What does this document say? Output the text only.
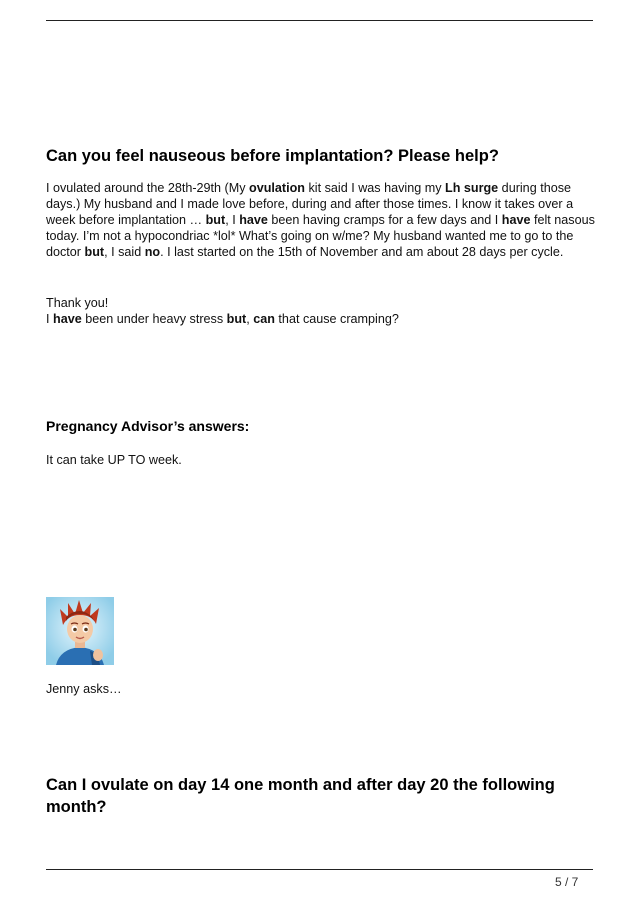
Can you feel nauseous before implantation? Please help?

I ovulated around the 28th-29th (My ovulation kit said I was having my Lh surge during those days.) My husband and I made love before, during and after those times. I know it takes over a week before implantation … but, I have been having cramps for a few days and I have felt nasous today. I’m not a hypocondriac *lol* What’s going on w/me? My husband wanted me to go to the doctor but, I said no. I last started on the 15th of November and am about 28 days per cycle.

Thank you!
I have been under heavy stress but, can that cause cramping?

Pregnancy Advisor’s answers:

It can take UP TO week.

Jenny asks…

Can I ovulate on day 14 one month and after day 20 the following month?

5 / 7
